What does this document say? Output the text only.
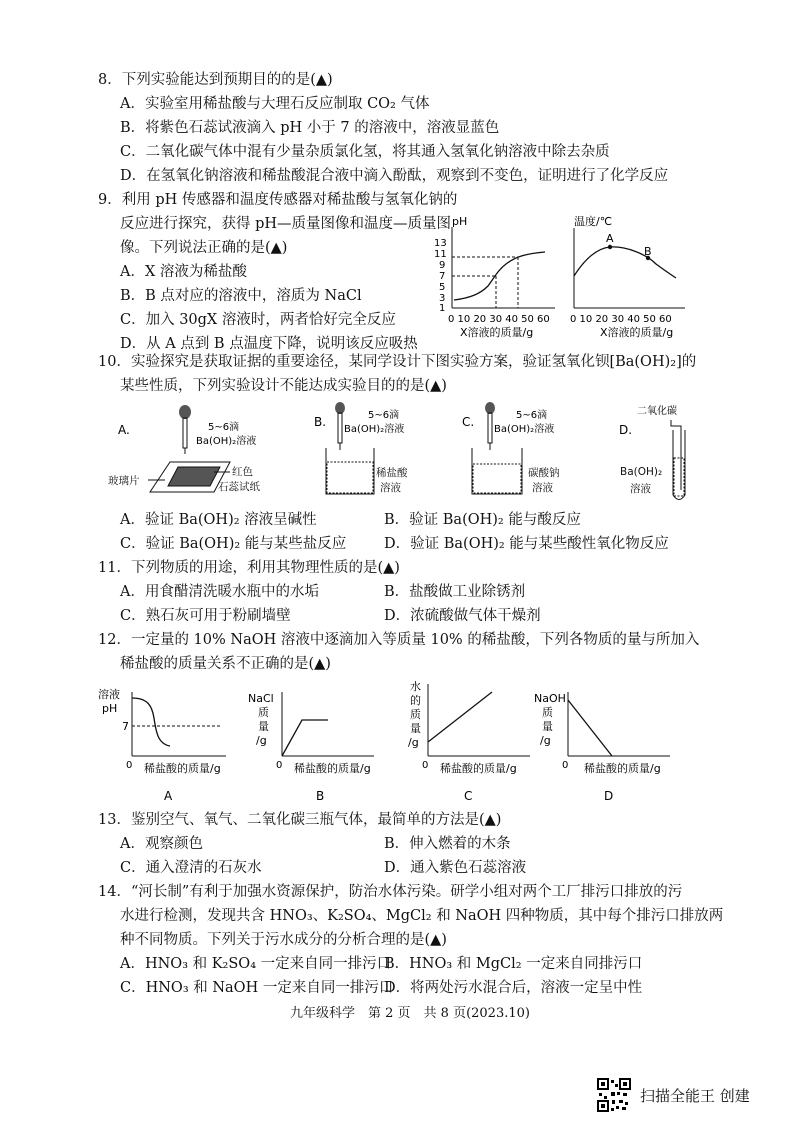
8．下列实验能达到预期目的的是(▲)
A．实验室用稀盐酸与大理石反应制取 CO₂ 气体
B．将紫色石蕊试液滴入 pH 小于 7 的溶液中，溶液显蓝色
C．二氧化碳气体中混有少量杂质氯化氢，将其通入氢氧化钠溶液中除去杂质
D．在氢氧化钠溶液和稀盐酸混合液中滴入酚酞，观察到不变色，证明进行了化学反应
9．利用 pH 传感器和温度传感器对稀盐酸与氢氧化钠的
反应进行探究，获得 pH—质量图像和温度—质量图
像。下列说法正确的是(▲)
A．X 溶液为稀盐酸
B．B 点对应的溶液中，溶质为 NaCl
C．加入 30gX 溶液时，两者恰好完全反应
D．从 A 点到 B 点温度下降，说明该反应吸热
pH
13
11
9
7
5
3
1
0 10 20 30 40 50 60
X溶液的质量/g
温度/℃
A
B
0 10 20 30 40 50 60
X溶液的质量/g
10．实验探究是获取证据的重要途径，某同学设计下图实验方案，验证氢氧化钡[Ba(OH)₂]的
某些性质，下列实验设计不能达成实验目的的是(▲)
A.	5~6滴
Ba(OH)₂溶液
玻璃片
红色
石蕊试纸
B.	5~6滴
Ba(OH)₂溶液
稀盐酸
溶液
C.	5~6滴
Ba(OH)₂溶液
碳酸钠
溶液
D.
二氧化碳
Ba(OH)₂
溶液
A．验证 Ba(OH)₂ 溶液呈碱性	B．验证 Ba(OH)₂ 能与酸反应
C．验证 Ba(OH)₂ 能与某些盐反应	D．验证 Ba(OH)₂ 能与某些酸性氧化物反应
11．下列物质的用途，利用其物理性质的是(▲)
A．用食醋清洗暖水瓶中的水垢	B．盐酸做工业除锈剂
C．熟石灰可用于粉刷墙壁	D．浓硫酸做气体干燥剂
12．一定量的 10% NaOH 溶液中逐滴加入等质量 10% 的稀盐酸，下列各物质的量与所加入
稀盐酸的质量关系不正确的是(▲)
溶液
pH
7
0 稀盐酸的质量/g
A
NaCl
质
量
/g
0 稀盐酸的质量/g
B
水
的
质
量
/g
0 稀盐酸的质量/g
C
NaOH
质
量
/g
0 稀盐酸的质量/g
D
13．鉴别空气、氧气、二氧化碳三瓶气体，最简单的方法是(▲)
A．观察颜色	B．伸入燃着的木条
C．通入澄清的石灰水	D．通入紫色石蕊溶液
14．“河长制”有利于加强水资源保护，防治水体污染。研学小组对两个工厂排污口排放的污
水进行检测，发现共含 HNO₃、K₂SO₄、MgCl₂ 和 NaOH 四种物质，其中每个排污口排放两
种不同物质。下列关于污水成分的分析合理的是(▲)
A．HNO₃ 和 K₂SO₄ 一定来自同一排污口
B．HNO₃ 和 MgCl₂ 一定来自同排污口
C．HNO₃ 和 NaOH 一定来自同一排污口
D．将两处污水混合后，溶液一定呈中性
九年级科学　第 2 页　共 8 页(2023.10)
扫描全能王 创建
